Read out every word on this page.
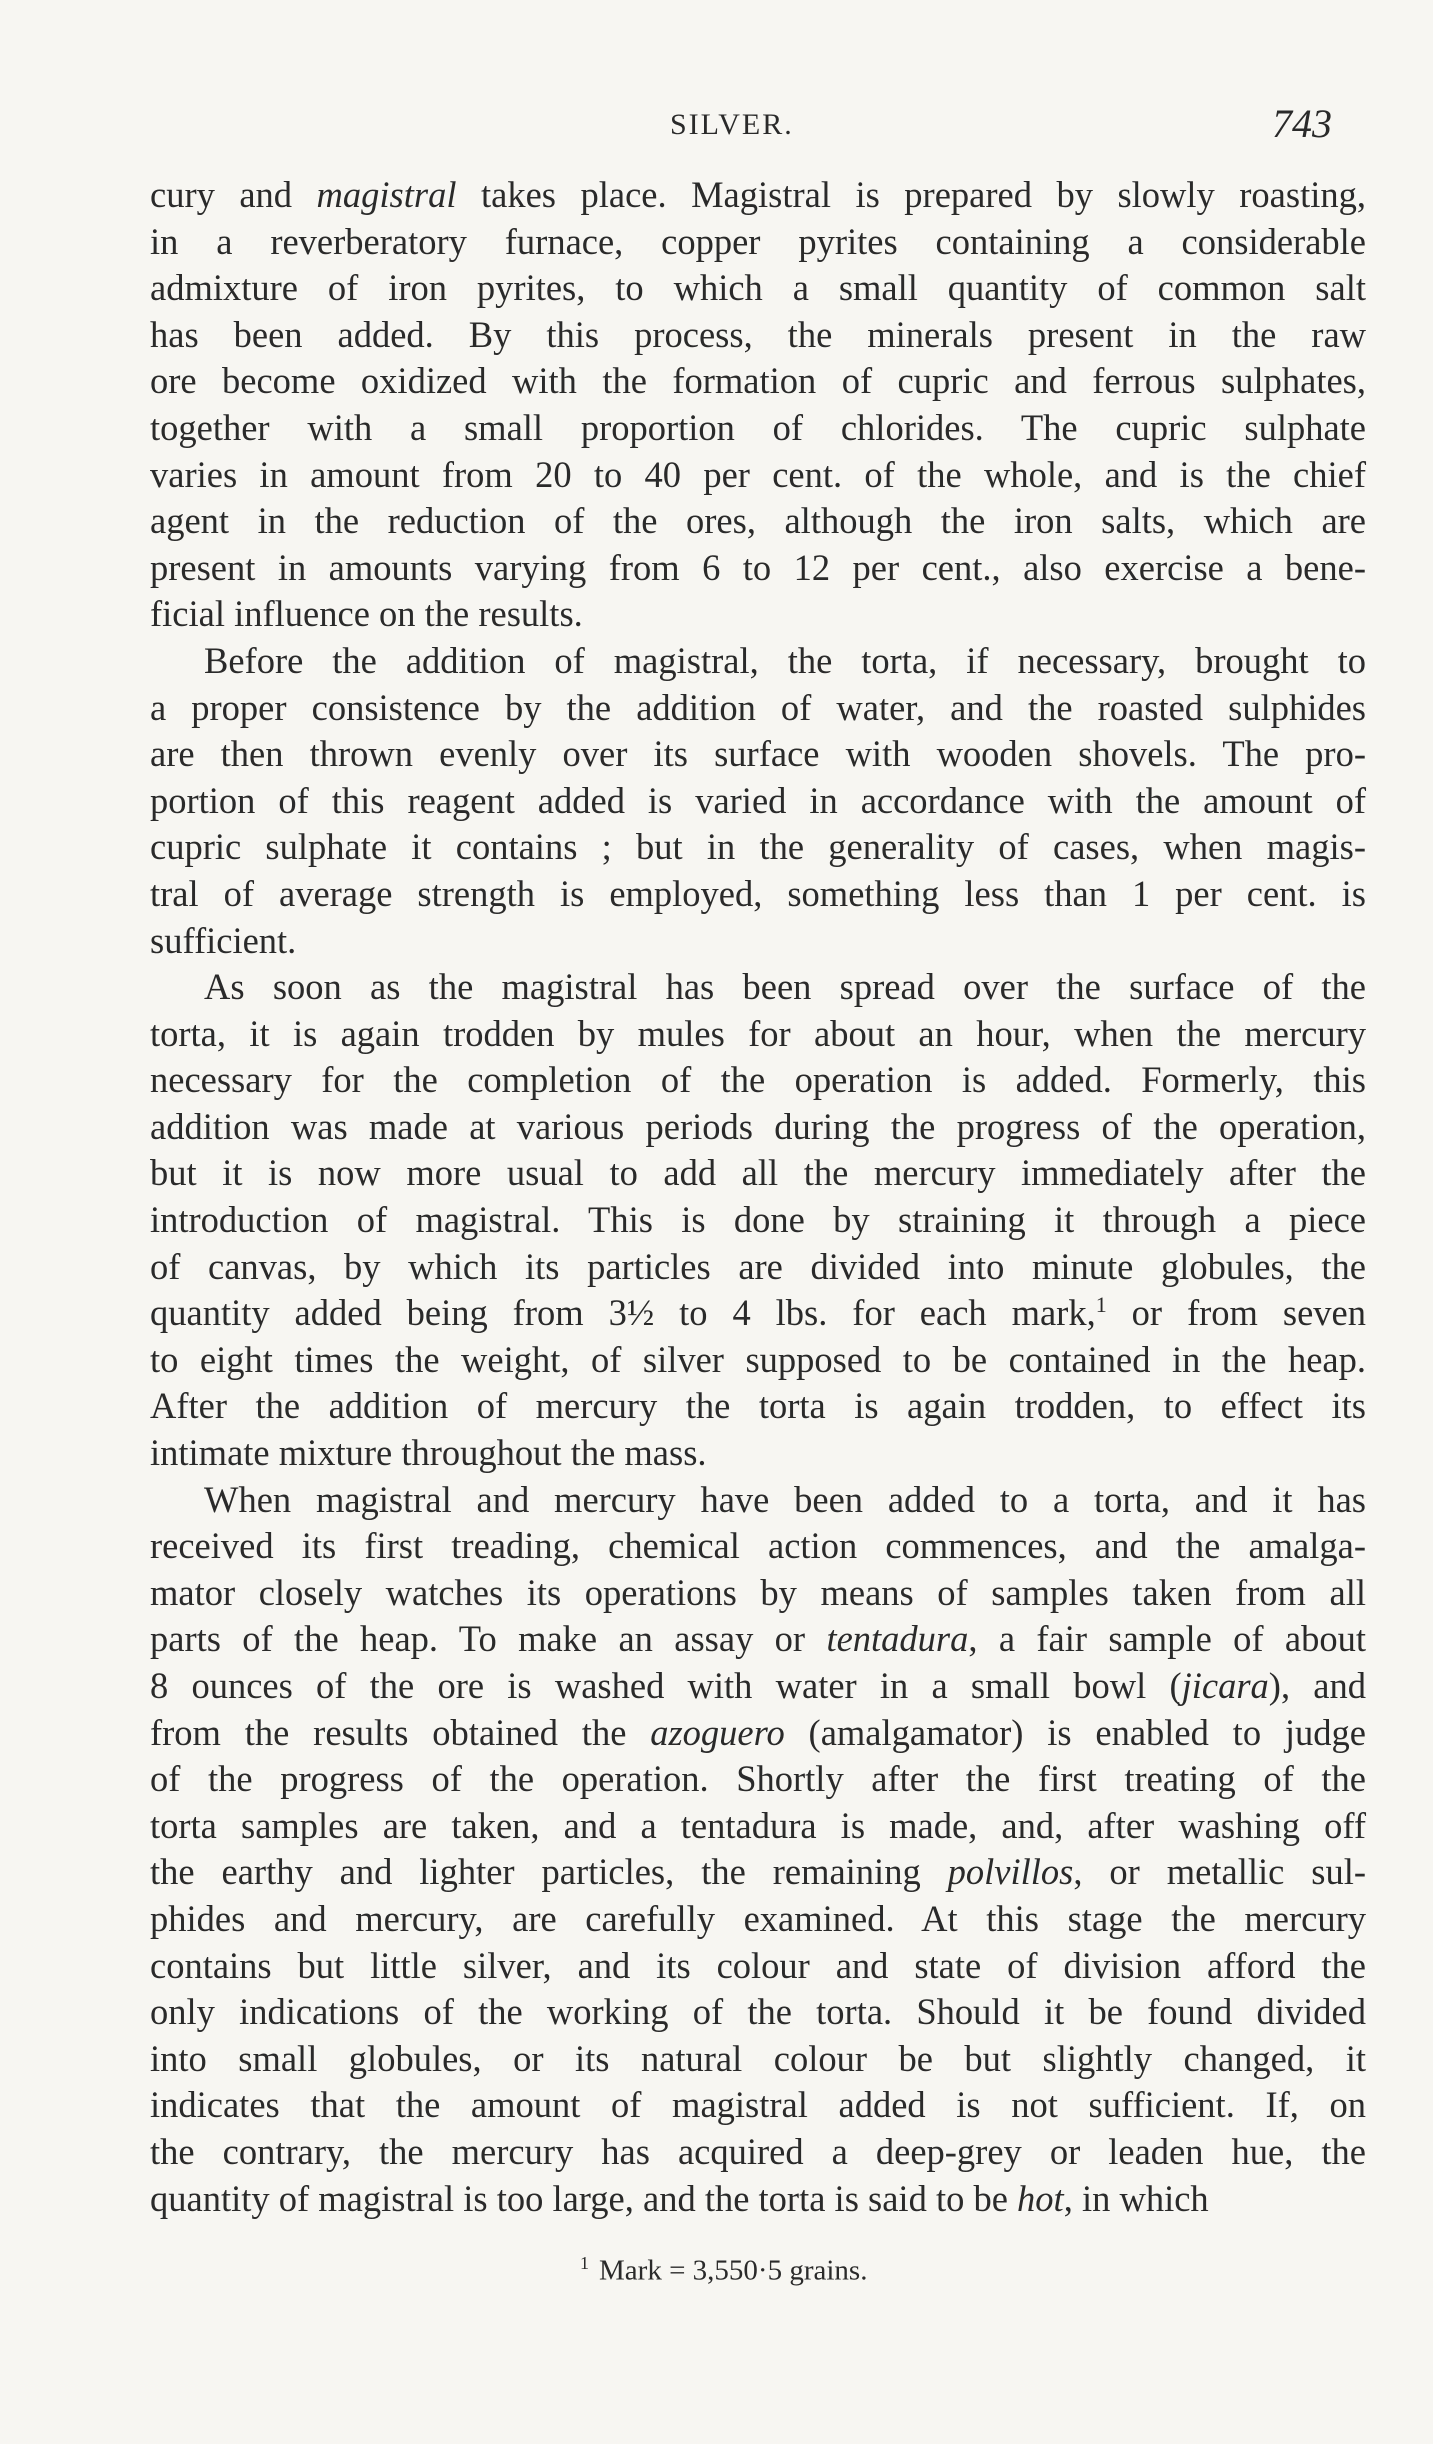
SILVER.	743

cury and magistral takes place. Magistral is prepared by slowly roasting,
in a reverberatory furnace, copper pyrites containing a considerable
admixture of iron pyrites, to which a small quantity of common salt
has been added. By this process, the minerals present in the raw
ore become oxidized with the formation of cupric and ferrous sulphates,
together with a small proportion of chlorides. The cupric sulphate
varies in amount from 20 to 40 per cent. of the whole, and is the chief
agent in the reduction of the ores, although the iron salts, which are
present in amounts varying from 6 to 12 per cent., also exercise a bene-
ficial influence on the results.

Before the addition of magistral, the torta, if necessary, brought to
a proper consistence by the addition of water, and the roasted sulphides
are then thrown evenly over its surface with wooden shovels. The pro-
portion of this reagent added is varied in accordance with the amount of
cupric sulphate it contains ; but in the generality of cases, when magis-
tral of average strength is employed, something less than 1 per cent. is
sufficient.

As soon as the magistral has been spread over the surface of the
torta, it is again trodden by mules for about an hour, when the mercury
necessary for the completion of the operation is added. Formerly, this
addition was made at various periods during the progress of the operation,
but it is now more usual to add all the mercury immediately after the
introduction of magistral. This is done by straining it through a piece
of canvas, by which its particles are divided into minute globules, the
quantity added being from 3½ to 4 lbs. for each mark,$^1$ or from seven
to eight times the weight, of silver supposed to be contained in the heap.
After the addition of mercury the torta is again trodden, to effect its
intimate mixture throughout the mass.

When magistral and mercury have been added to a torta, and it has
received its first treading, chemical action commences, and the amalga-
mator closely watches its operations by means of samples taken from all
parts of the heap. To make an assay or tentadura, a fair sample of about
8 ounces of the ore is washed with water in a small bowl (jicara), and
from the results obtained the azoguero (amalgamator) is enabled to judge
of the progress of the operation. Shortly after the first treating of the
torta samples are taken, and a tentadura is made, and, after washing off
the earthy and lighter particles, the remaining polvillos, or metallic sul-
phides and mercury, are carefully examined. At this stage the mercury
contains but little silver, and its colour and state of division afford the
only indications of the working of the torta. Should it be found divided
into small globules, or its natural colour be but slightly changed, it
indicates that the amount of magistral added is not sufficient. If, on
the contrary, the mercury has acquired a deep-grey or leaden hue, the
quantity of magistral is too large, and the torta is said to be hot, in which

$^1$ Mark = 3,550·5 grains.
